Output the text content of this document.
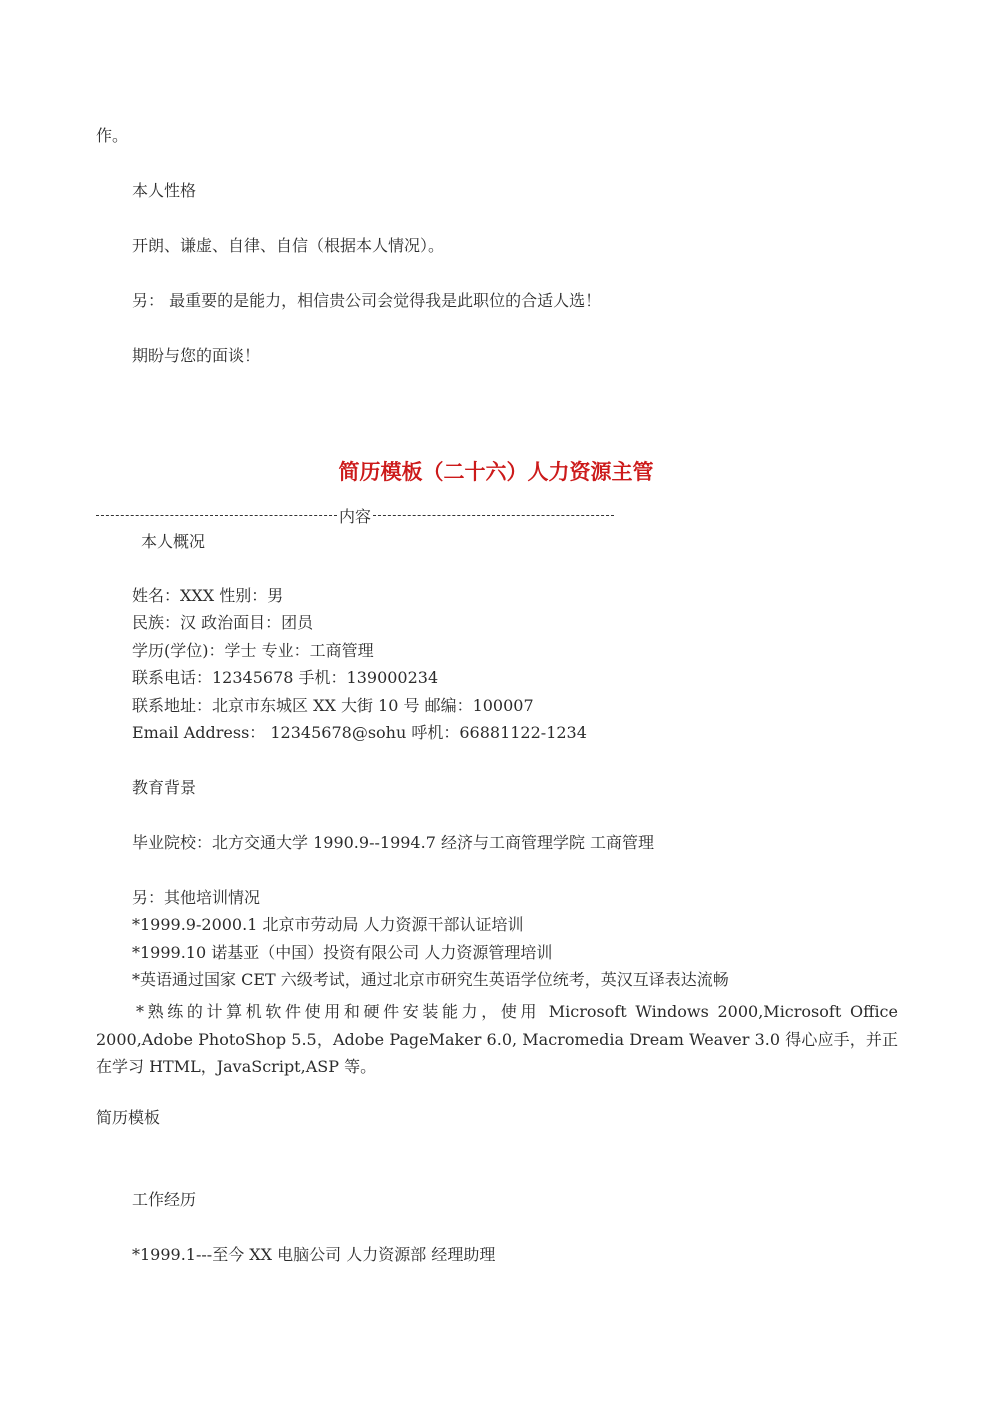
作。
本人性格
开朗、谦虚、自律、自信（根据本人情况）。
另： 最重要的是能力，相信贵公司会觉得我是此职位的合适人选！
期盼与您的面谈！
简历模板（二十六）人力资源主管
内容
本人概况
姓名：XXX 性别：男
民族：汉 政治面目：团员
学历(学位)：学士 专业：工商管理
联系电话：12345678 手机：139000234
联系地址：北京市东城区 XX 大街 10 号 邮编：100007
Email Address： 12345678@sohu 呼机：66881122-1234
教育背景
毕业院校：北方交通大学 1990.9--1994.7 经济与工商管理学院 工商管理
另：其他培训情况
*1999.9-2000.1 北京市劳动局 人力资源干部认证培训
*1999.10 诺基亚（中国）投资有限公司 人力资源管理培训
*英语通过国家 CET 六级考试，通过北京市研究生英语学位统考，英汉互译表达流畅
*熟练的计算机软件使用和硬件安装能力，使用 Microsoft Windows 2000,Microsoft Office 2000,Adobe PhotoShop 5.5，Adobe PageMaker 6.0, Macromedia Dream Weaver 3.0 得心应手，并正在学习 HTML，JavaScript,ASP 等。
简历模板
工作经历
*1999.1---至今 XX 电脑公司 人力资源部 经理助理
